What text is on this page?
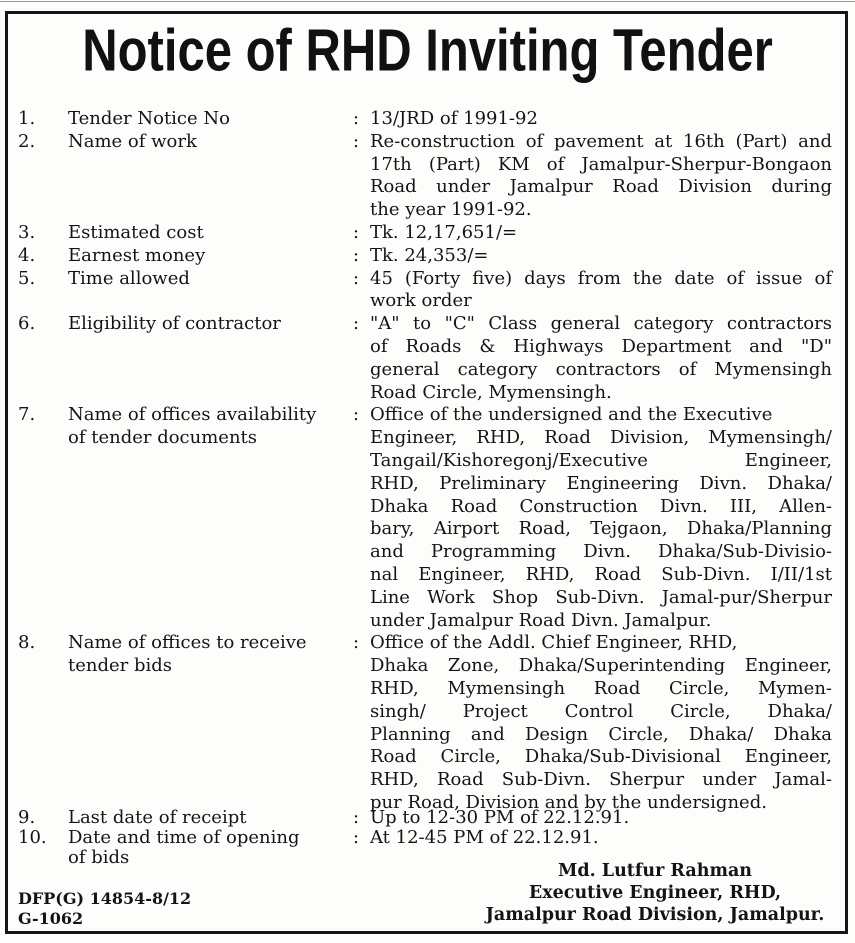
Notice of RHD Inviting Tender
1.	Tender Notice No	: 13/JRD of 1991-92
2.	Name of work	: Re-construction of pavement at 16th (Part) and
17th (Part) KM of Jamalpur-Sherpur-Bongaon
Road under Jamalpur Road Division during
the year 1991-92.
3.	Estimated cost	: Tk. 12,17,651/=
4.	Earnest money	: Tk. 24,353/=
5.	Time allowed	: 45 (Forty five) days from the date of issue of
work order
6.	Eligibility of contractor	: "A" to "C" Class general category contractors
of Roads & Highways Department and "D"
general category contractors of Mymensingh
Road Circle, Mymensingh.
7.	Name of offices availability
of tender documents
: Office of the undersigned and the Executive
Engineer, RHD, Road Division, Mymensingh/
Tangail/Kishoregonj/Executive Engineer,
RHD, Preliminary Engineering Divn. Dhaka/
Dhaka Road Construction Divn. III, Allen-
bary, Airport Road, Tejgaon, Dhaka/Planning
and Programming Divn. Dhaka/Sub-Divisio-
nal Engineer, RHD, Road Sub-Divn. I/II/1st
Line Work Shop Sub-Divn. Jamal-pur/Sherpur
under Jamalpur Road Divn. Jamalpur.
8.	Name of offices to receive
tender bids
: Office of the Addl. Chief Engineer, RHD,
Dhaka Zone, Dhaka/Superintending Engineer,
RHD, Mymensingh Road Circle, Mymen-
singh/ Project Control Circle, Dhaka/
Planning and Design Circle, Dhaka/ Dhaka
Road Circle, Dhaka/Sub-Divisional Engineer,
RHD, Road Sub-Divn. Sherpur under Jamal-
pur Road, Division and by the undersigned.
9.	Last date of receipt	: Up to 12-30 PM of 22.12.91.
10.	Date and time of opening
of bids
: At 12-45 PM of 22.12.91.
Md. Lutfur Rahman
Executive Engineer, RHD,
Jamalpur Road Division, Jamalpur.
DFP(G) 14854-8/12
G-1062
